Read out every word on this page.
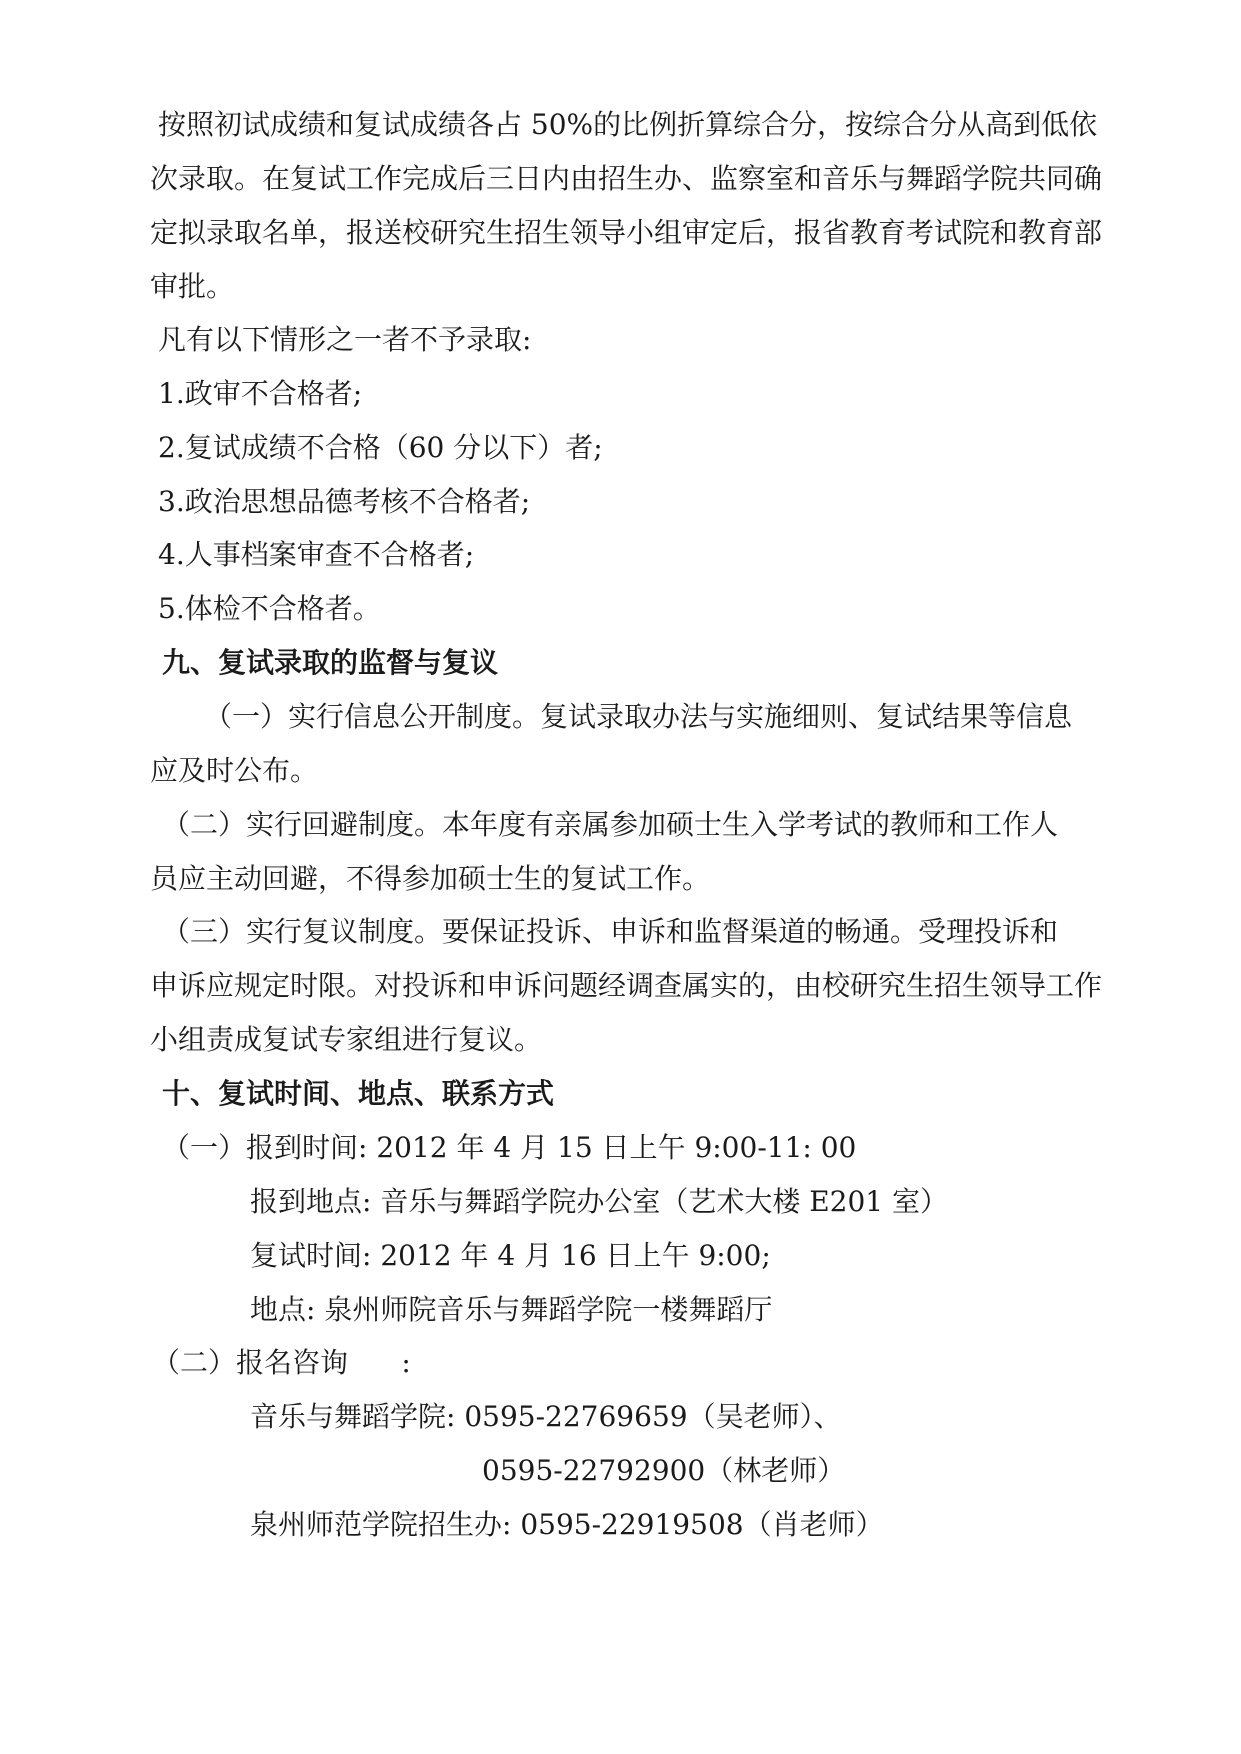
按照初试成绩和复试成绩各占 50%的比例折算综合分，按综合分从高到低依
次录取。在复试工作完成后三日内由招生办、监察室和音乐与舞蹈学院共同确
定拟录取名单，报送校研究生招生领导小组审定后，报省教育考试院和教育部
审批。
凡有以下情形之一者不予录取:
1.政审不合格者;
2.复试成绩不合格（60 分以下）者;
3.政治思想品德考核不合格者;
4.人事档案审查不合格者;
5.体检不合格者。
九、复试录取的监督与复议
（一）实行信息公开制度。复试录取办法与实施细则、复试结果等信息
应及时公布。
（二）实行回避制度。本年度有亲属参加硕士生入学考试的教师和工作人
员应主动回避，不得参加硕士生的复试工作。
（三）实行复议制度。要保证投诉、申诉和监督渠道的畅通。受理投诉和
申诉应规定时限。对投诉和申诉问题经调查属实的，由校研究生招生领导工作
小组责成复试专家组进行复议。
十、复试时间、地点、联系方式
（一）报到时间: 2012 年 4 月 15 日上午 9:00-11: 00
报到地点: 音乐与舞蹈学院办公室（艺术大楼 E201 室）
复试时间: 2012 年 4 月 16 日上午 9:00;
地点: 泉州师院音乐与舞蹈学院一楼舞蹈厅
（二）报名咨询      :
音乐与舞蹈学院: 0595-22769659（吴老师）、
0595-22792900（林老师）
泉州师范学院招生办: 0595-22919508（肖老师）
